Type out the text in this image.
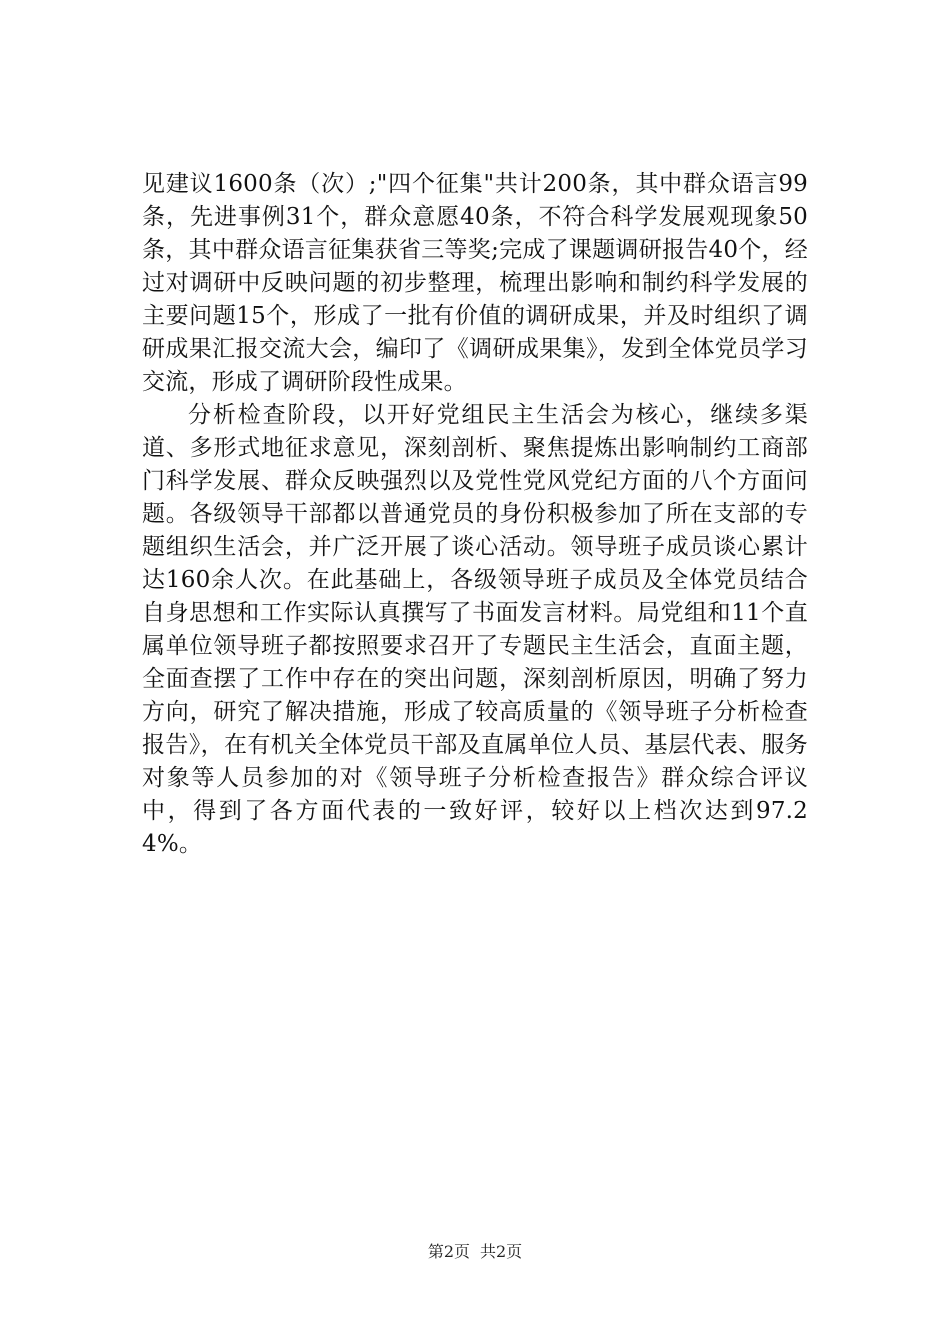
见建议1600条（次）;"四个征集"共计200条，其中群众语言99条，先进事例31个，群众意愿40条，不符合科学发展观现象50条，其中群众语言征集获省三等奖;完成了课题调研报告40个，经过对调研中反映问题的初步整理，梳理出影响和制约科学发展的主要问题15个，形成了一批有价值的调研成果，并及时组织了调研成果汇报交流大会，编印了《调研成果集》，发到全体党员学习交流，形成了调研阶段性成果。

分析检查阶段，以开好党组民主生活会为核心，继续多渠道、多形式地征求意见，深刻剖析、聚焦提炼出影响制约工商部门科学发展、群众反映强烈以及党性党风党纪方面的八个方面问题。各级领导干部都以普通党员的身份积极参加了所在支部的专题组织生活会，并广泛开展了谈心活动。领导班子成员谈心累计达160余人次。在此基础上，各级领导班子成员及全体党员结合自身思想和工作实际认真撰写了书面发言材料。局党组和11个直属单位领导班子都按照要求召开了专题民主生活会，直面主题，全面查摆了工作中存在的突出问题，深刻剖析原因，明确了努力方向，研究了解决措施，形成了较高质量的《领导班子分析检查报告》，在有机关全体党员干部及直属单位人员、基层代表、服务对象等人员参加的对《领导班子分析检查报告》群众综合评议中，得到了各方面代表的一致好评，较好以上档次达到97.24%。

第2页 共2页
